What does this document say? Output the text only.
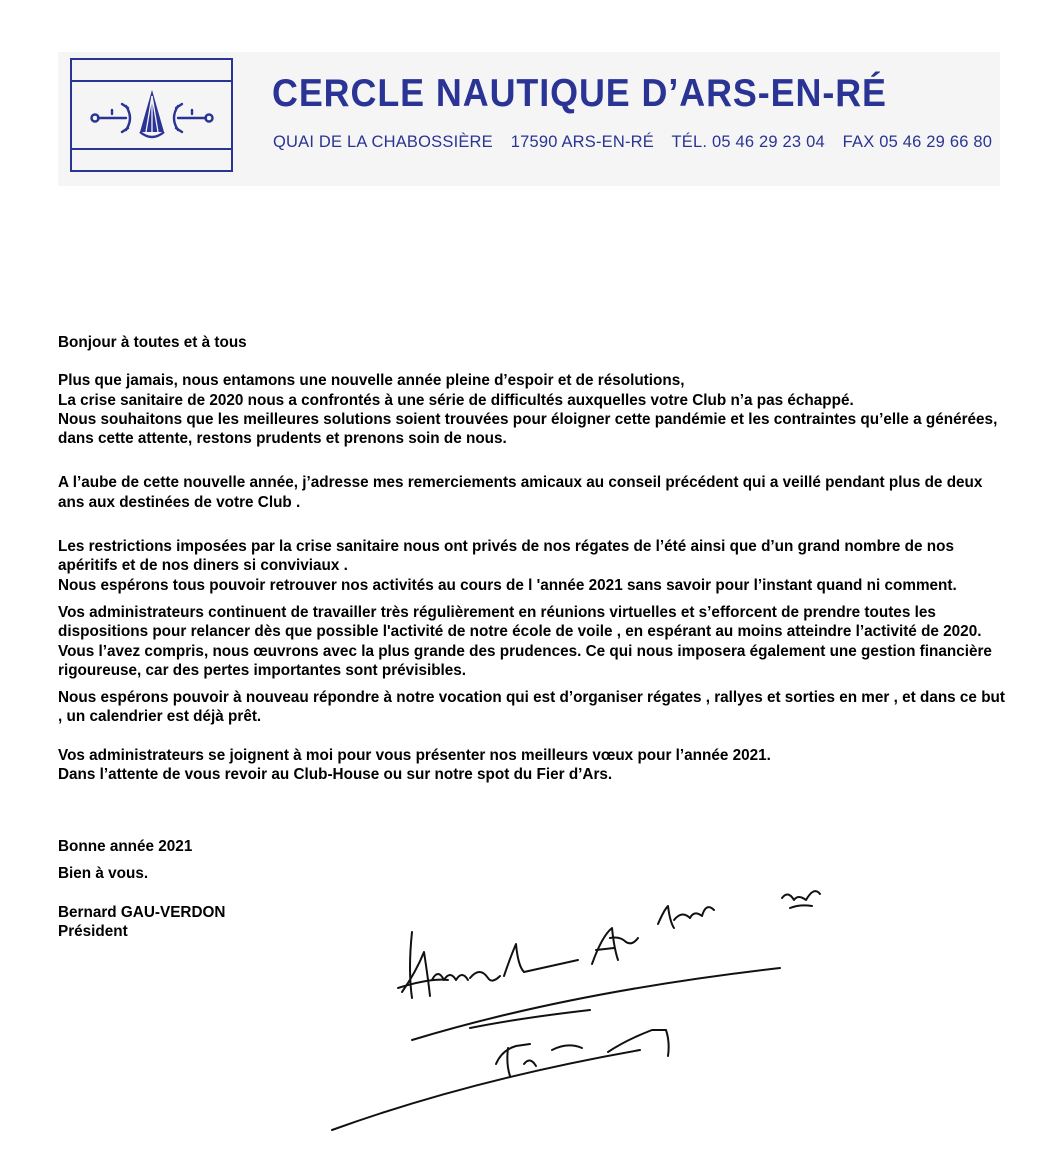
CERCLE NAUTIQUE D’ARS-EN-RÉ
QUAI DE LA CHABOSSIÈRE 17590 ARS-EN-RÉ TÉL. 05 46 29 23 04 FAX 05 46 29 66 80

Bonjour à toutes et à tous

Plus que jamais, nous entamons une nouvelle année pleine d’espoir et de résolutions,

La crise sanitaire de 2020 nous a confrontés à une série de difficultés auxquelles votre Club n’a pas échappé.

Nous souhaitons que les meilleures solutions soient trouvées pour éloigner cette pandémie et les contraintes qu’elle a générées, dans cette attente, restons prudents et prenons soin de nous.

A l’aube de cette nouvelle année, j’adresse mes remerciements amicaux au conseil précédent qui a veillé pendant plus de deux ans aux destinées de votre Club .

Les restrictions imposées par la crise sanitaire nous ont privés de nos régates de l’été ainsi que d’un grand nombre de nos apéritifs et de nos diners si conviviaux .

Nous espérons tous pouvoir retrouver nos activités au cours de l 'année 2021 sans savoir pour l’instant quand ni comment.

Vos administrateurs continuent de travailler très régulièrement en réunions virtuelles et s’efforcent de prendre toutes les dispositions pour relancer dès que possible l'activité de notre école de voile , en espérant au moins atteindre l’activité de 2020.

Vous l’avez compris, nous œuvrons avec la plus grande des prudences. Ce qui nous imposera également une gestion financière rigoureuse, car des pertes importantes sont prévisibles.

Nous espérons pouvoir à nouveau répondre à notre vocation qui est d’organiser régates , rallyes et sorties en mer , et dans ce but , un calendrier est déjà prêt.

Vos administrateurs se joignent à moi pour vous présenter nos meilleurs vœux pour l’année 2021.

Dans l’attente de vous revoir au Club-House ou sur notre spot du Fier d’Ars.

Bonne année 2021
Bien à vous.
Bernard GAU-VERDON
Président
